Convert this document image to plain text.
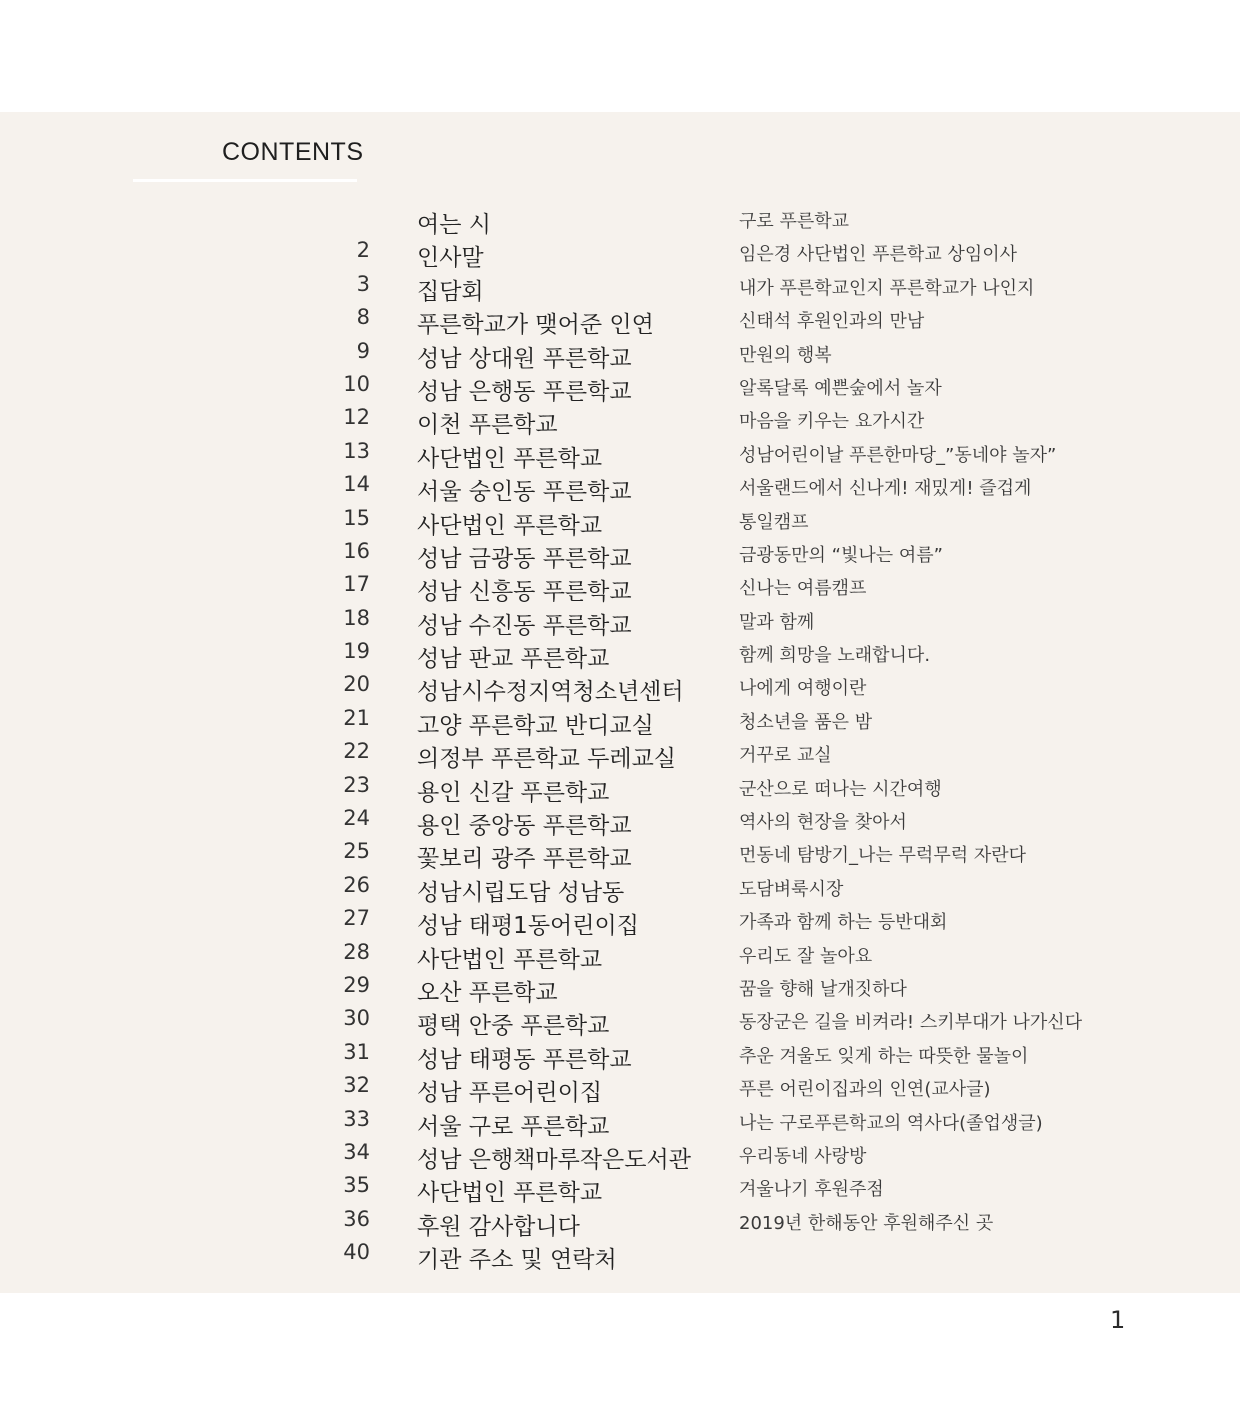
CONTENTS
여는 시	구로 푸른학교
2 인사말	임은경 사단법인 푸른학교 상임이사
3 집담회	내가 푸른학교인지 푸른학교가 나인지
8 푸른학교가 맺어준 인연	신태석 후원인과의 만남
9 성남 상대원 푸른학교	만원의 행복
10 성남 은행동 푸른학교	알록달록 예쁜숲에서 놀자
12 이천 푸른학교	마음을 키우는 요가시간
13 사단법인 푸른학교	성남어린이날 푸른한마당_”동네야 놀자”
14 서울 숭인동 푸른학교	서울랜드에서 신나게! 재밌게! 즐겁게
15 사단법인 푸른학교	통일캠프
16 성남 금광동 푸른학교	금광동만의 “빛나는 여름”
17 성남 신흥동 푸른학교	신나는 여름캠프
18 성남 수진동 푸른학교	말과 함께
19 성남 판교 푸른학교	함께 희망을 노래합니다.
20 성남시수정지역청소년센터	나에게 여행이란
21 고양 푸른학교 반디교실	청소년을 품은 밤
22 의정부 푸른학교 두레교실	거꾸로 교실
23 용인 신갈 푸른학교	군산으로 떠나는 시간여행
24 용인 중앙동 푸른학교	역사의 현장을 찾아서
25 꽃보리 광주 푸른학교	먼동네 탐방기_나는 무럭무럭 자란다
26 성남시립도담 성남동	도담벼룩시장
27 성남 태평1동어린이집	가족과 함께 하는 등반대회
28 사단법인 푸른학교	우리도 잘 놀아요
29 오산 푸른학교	꿈을 향해 날개짓하다
30 평택 안중 푸른학교	동장군은 길을 비켜라! 스키부대가 나가신다
31 성남 태평동 푸른학교	추운 겨울도 잊게 하는 따뜻한 물놀이
32 성남 푸른어린이집	푸른 어린이집과의 인연(교사글)
33 서울 구로 푸른학교	나는 구로푸른학교의 역사다(졸업생글)
34 성남 은행책마루작은도서관	우리동네 사랑방
35 사단법인 푸른학교	겨울나기 후원주점
36 후원 감사합니다	2019년 한해동안 후원해주신 곳
40 기관 주소 및 연락처
1
